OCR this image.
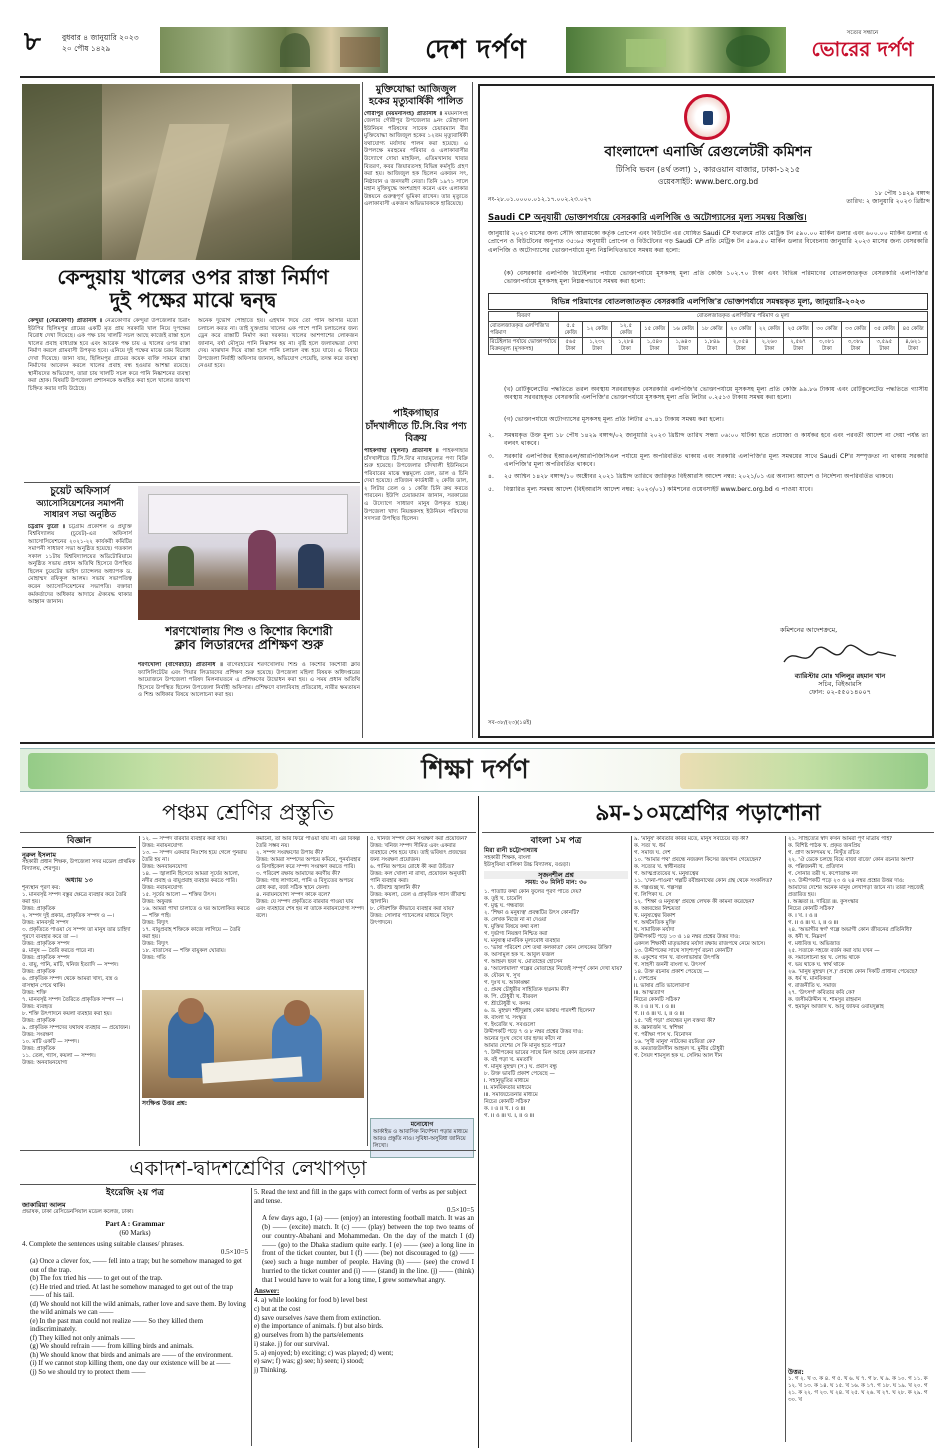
৮	বুধবার ৪ জানুয়ারি ২০২৩
২০ পৌষ ১৪২৯	দেশ দর্পণ
সত্যের সন্ধানে
ভোরের দর্পণ
মুক্তিযোদ্ধা আজিজুল হকের মৃত্যুবার্ষিকী পালিত
গৌরীপুর (ময়মনসিংহ) প্রতিনিধি ॥ ময়মনসিংহ জেলার গৌরীপুর উপজেলার ৯নং ডৌহাখলা ইউনিয়ন পরিষদের সাবেক চেয়ারম্যান বীর মুক্তিযোদ্ধা আজিজুল হকের ১২তম মৃত্যুবার্ষিকী যথাযোগ্য মর্যাদায় পালন করা হয়েছে। এ উপলক্ষে মরহুমের পরিবার ও এলাকাবাসীর উদ্যোগে দোয়া মাহফিল, এতিমখানায় খাবার বিতরণ, কবর জিয়ারতসহ বিভিন্ন কর্মসূচি গ্রহণ করা হয়। আজিজুল হক ছিলেন একজন সৎ, নিষ্ঠাবান ও জনদরদী নেতা। তিনি ১৯৭১ সালে মহান মুক্তিযুদ্ধে অংশগ্রহণ করেন এবং এলাকার উন্নয়নে গুরুত্বপূর্ণ ভূমিকা রাখেন। তার মৃত্যুতে এলাকাবাসী একজন অভিভাবককে হারিয়েছে।
কেন্দুয়ায় খালের ওপর রাস্তা নির্মাণ
দুই পক্ষের মাঝে দ্বন্দ্ব
কেন্দুয়া (নেত্রকোণা) প্রতিনিধি ॥ নেত্রকোণার কেন্দুয়া উপজেলার চিরাং ইউপির ছিলিমপুর গ্রামের একটি মৃত প্রায় সরকারি খাল নিয়ে দুপক্ষের বিরোধ দেখা দিয়েছে। এক পক্ষ চায় খালটি সচল আছে কাজেই রাস্তা হলে খালের প্রবাহ বাধাগ্রস্ত হবে এবং আরেক পক্ষ চায় এ খালের ওপর রাস্তা নির্মাণ করলে গ্রামবাসী উপকৃত হবে। এনিয়ে দুই পক্ষের মাঝে চরম বিরোধ দেখা দিয়েছে। জানা যায়, ছিলিমপুর গ্রামের কয়েক ব্যক্তি সামনে রাস্তা নির্মাণের আবেদন করলে খালের প্রবাহ বন্ধ হওয়ার আশঙ্কা রয়েছে। স্থানীয়দের অভিযোগ, তারা চায় খালটি সচল করে পানি নিষ্কাশনের ব্যবস্থা করা হোক। বিষয়টি উপজেলা প্রশাসনকে অবহিত করা হলে খালের জায়গা চিহ্নিত করার দাবি উঠেছে।
অনেক দুর্ভোগ পোহাতে হয়। এইখান দিয়ে তো পানি আসার মতো চলাচল করত না। তাই যুক্তপ্রায় খালের এক পাশে পানি চলাচলের জন্য ড্রেন করে রাস্তাটি নির্মাণ করা দরকার। খালের আশপাশের লোকজন জানান, বর্ষা মৌসুমে পানি নিষ্কাশন হয় না। বৃষ্টি হলে জলাবদ্ধতা দেখা দেয়। মাঝখান দিয়ে রাস্তা হলে পানি চলাচল বন্ধ হয়ে যাবে। এ বিষয়ে উপজেলা নির্বাহী অফিসার জানান, অভিযোগ পেয়েছি, তদন্ত করে ব্যবস্থা নেওয়া হবে।
চুয়েট অফিসার্স
অ্যাসোসিয়েশনের সমাপনী সাধারণ সভা অনুষ্ঠিত
চট্টগ্রাম ব্যুরো ॥ চট্টগ্রাম প্রকৌশল ও প্রযুক্তি বিশ্ববিদ্যালয় (চুয়েট)-এর অফিসার্স অ্যাসোসিয়েশনের ২০২১-২২ কার্যকরী কমিটির সমাপনী সাধারণ সভা অনুষ্ঠিত হয়েছে। গতকাল সকাল ১১টায় বিশ্ববিদ্যালয়ের অডিটোরিয়ামে অনুষ্ঠিত সভায় প্রধান অতিথি হিসেবে উপস্থিত ছিলেন চুয়েটের ভাইস চ্যান্সেলর অধ্যাপক ড. মোহাম্মদ রফিকুল আলম। সভায় সভাপতিত্ব করেন অ্যাসোসিয়েশনের সভাপতি। বক্তারা কর্মকর্তাদের অধিকার আদায়ে ঐক্যবদ্ধ থাকার আহ্বান জানান।
শরণখোলায় শিশু ও কিশোর কিশোরী
ক্লাব লিডারদের প্রশিক্ষণ শুরু
শরণখোলা (বাগেরহাট) প্রতিনিধি ॥ বাগেরহাটের শরণখোলায় শিশু ও কিশোর কিশোরী ক্লাব ফ্যাসিলিটেটর এবং পিয়ার লিডারদের প্রশিক্ষণ শুরু হয়েছে। উপজেলা মহিলা বিষয়ক অধিদপ্তরের আয়োজনে উপজেলা পরিষদ মিলনায়তনে এ প্রশিক্ষণের উদ্বোধন করা হয়। এ সময় প্রধান অতিথি হিসেবে উপস্থিত ছিলেন উপজেলা নির্বাহী অফিসার। প্রশিক্ষণে বাল্যবিবাহ প্রতিরোধ, নারীর ক্ষমতায়ন ও শিশু অধিকার বিষয়ে আলোচনা করা হয়।
পাইকগাছার
চাঁদখালীতে টি.সি.বির পণ্য বিক্রয়
পাইকগাছা (খুলনা) প্রতিনিধি ॥ পাইকগাছার চাঁদখালীতে টি.সি.বি'র ন্যায্যমূল্যের পণ্য বিক্রি শুরু হয়েছে। উপজেলার চাঁদখালী ইউনিয়নে পরিবারের মাঝে স্বল্পমূল্যে তেল, ডাল ও চিনি দেয়া হয়েছে। প্রতিজন কার্ডধারী ২ কেজি ডাল, ২ লিটার তেল ও ১ কেজি চিনি ক্রয় করতে পারবেন। ইউপি চেয়ারম্যান জানান, সরকারের এ উদ্যোগে সাধারণ মানুষ উপকৃত হচ্ছে। উপজেলা খাদ্য নিয়ন্ত্রকসহ ইউনিয়ন পরিষদের সদস্যরা উপস্থিত ছিলেন।
বাংলাদেশ এনার্জি রেগুলেটরী কমিশন
টিসিবি ভবন (৪র্থ তলা) ১, কারওয়ান বাজার, ঢাকা-১২১৫
ওয়েবসাইট: www.berc.org.bd
নং-২৮.০১.০০০০.০১২.১৭.০০২.২৩.০২৭
১৮ পৌষ ১৪২৯ বঙ্গাব্দ
তারিখ: ২ জানুয়ারি ২০২৩ খ্রিষ্টাব্দ
Saudi CP অনুযায়ী ভোক্তাপর্যায়ে বেসরকারি এলপিজি ও অটোগ্যাসের মূল্য সমন্বয় বিজ্ঞপ্তি।
জানুয়ারি ২০২৩ মাসের জন্য সৌদি আরামকো কর্তৃক প্রোপেন এবং বিউটেন এর ঘোষিত Saudi CP যথাক্রমে প্রতি মেট্রিক টন ৫৯০.০০ মার্কিন ডলার এবং ৬০০.০০ মার্কিন ডলার এ প্রোপেন ও বিউটেনের অনুপাত ৩৫:৬৫ অনুযায়ী প্রোপেন ও বিউটেনের গড় Saudi CP প্রতি মেট্রিক টন ৫৯৬.৫০ মার্কিন ডলার বিবেচনায় জানুয়ারি ২০২৩ মাসের জন্য বেসরকারি এলপিজি ও অটোগ্যাসের ভোক্তাপর্যায়ে মূল্য নিম্নলিখিতভাবে সমন্বয় করা হলো:
(ক) বেসরকারি এলপিজি রিটেইলার পর্যায়ে ভোক্তাপর্যায়ে মূসকসহ মূল্য প্রতি কেজি ১০২.৭০ টাকা এবং বিভিন্ন পরিমাণের বোতলজাতকৃত বেসরকারি এলপিজি'র ভোক্তাপর্যায়ে মূসকসহ মূল্য নিম্নরূপভাবে সমন্বয় করা হলো:
বিভিন্ন পরিমাণের বোতলজাতকৃত বেসরকারি এলপিজি'র ভোক্তাপর্যায়ে সমন্বয়কৃত মূল্য, জানুয়ারি-২০২৩
বিবরণ	বোতলজাতকৃত এলপিজি'র পরিমাণ ও মূল্য												
বোতলজাতকৃত এলপিজি'র পরিমাণ	৫.৫ কেজি	১২ কেজি	১২.৫ কেজি	১৫ কেজি	১৬ কেজি	১৮ কেজি	২০ কেজি	২২ কেজি	২৫ কেজি	৩০ কেজি	৩৩ কেজি	৩৫ কেজি	৪৫ কেজি
রিটেইলার পর্যায়ে ভোক্তাপর্যায়ে বিক্রয়মূল্য (মূসকসহ)	৫৬৫ টাকা	১,২৩২ টাকা	১,২৮৪ টাকা	১,৫৪০ টাকা	১,৬৪৩ টাকা	১,৮৪৯ টাকা	২,০৫৪ টাকা	২,২৬০ টাকা	২,৫৬৭ টাকা	৩,০৮১ টাকা	৩,৩৮৯ টাকা	৩,৫৯৫ টাকা	৪,৬২১ টাকা
(খ) রেটিকুলেটেড পদ্ধতিতে তরল অবস্থায় সরবরাহকৃত বেসরকারি এলপিজি'র ভোক্তাপর্যায়ে মূসকসহ মূল্য প্রতি কেজি ৯৯.৮৬ টাকায় এবং রেটিকুলেটেড পদ্ধতিতে গ্যাসীয় অবস্থায় সরবরাহকৃত বেসরকারি এলপিজি'র ভোক্তাপর্যায়ে মূসকসহ মূল্য প্রতি লিটার ০.২৫১৩ টাকায় সমন্বয় করা হলো।
(গ) ভোক্তাপর্যায়ে অটোগ্যাসের মূসকসহ মূল্য প্রতি লিটার ৫৭.৪১ টাকায় সমন্বয় করা হলো।
২.	সমন্বয়কৃত উক্ত মূল্য ১৮ পৌষ ১৪২৯ বঙ্গাব্দ/০২ জানুয়ারি ২০২৩ খ্রিষ্টাব্দ তারিখ সন্ধ্যা ০৬:০০ ঘটিকা হতে প্রযোজ্য ও কার্যকর হবে এবং পরবর্তী আদেশ না দেয়া পর্যন্ত তা বলবৎ থাকবে।
৩.	সরকারি এলপিজির ইআরএল/আরপিজিসিএল পর্যায়ে মূল্য অপরিবর্তিত থাকায় এবং সরকারি এলপিজি'র মূল্য সমন্বয়ের সাথে Saudi CP'র সম্পৃক্ততা না থাকায় সরকারি এলপিজি'র মূল্য অপরিবর্তিত থাকবে।
৪.	২৫ আশ্বিন ১৪২৮ বঙ্গাব্দ/১০ অক্টোবর ২০২১ খ্রিষ্টাব্দ তারিখে জারিকৃত বিইআরসি আদেশ নম্বর: ২০২১/০১ এর অন্যান্য আদেশ ও নির্দেশনা অপরিবর্তিত থাকবে।
৫.	বিস্তারিত মূল্য সমন্বয় আদেশ (বিইআরসি আদেশ নম্বর: ২০২৩/০১) কমিশনের ওয়েবসাইট www.berc.org.bd এ পাওয়া যাবে।
কমিশনের আদেশক্রমে,
ব্যারিস্টার মোঃ খলিলুর রহমান খান
সচিব, বিইআরসি
ফোন: ০২-৫৫০১৪০০৭
সব-৩৮/(২৩)(১৪ই)
শিক্ষা দর্পণ
পঞ্চম শ্রেণির প্রস্তুতি
বিজ্ঞান
নুরুল ইসলাম
সহকারী প্রধান শিক্ষক, উপজেলা সদর মডেল প্রাথমিক বিদ্যালয়, শেরপুর।
অধ্যায় ১৩
শূন্যস্থান পূরণ কর:
১. মানবসৃষ্ট সম্পদ বস্তুর ক্ষেত্রে ব্যবহার করে তৈরি করা হয়।
উত্তর: প্রাকৃতিক
২. সম্পদ দুই প্রকার, প্রাকৃতিক সম্পদ ও —।
উত্তর: মানবসৃষ্ট সম্পদ
৩. প্রকৃতিতে পাওয়া যে সম্পদ তা মানুষ তার চাহিদা পূরণে ব্যবহার করে তা —।
উত্তর: প্রাকৃতিক সম্পদ
৪. মানুষ — তৈরি করতে পারে না।
উত্তর: প্রাকৃতিক সম্পদ
৫. বায়ু, পানি, মাটি, খনিজ ইত্যাদি — সম্পদ।
উত্তর: প্রাকৃতিক
৬. প্রাকৃতিক সম্পদ থেকে আমরা খাদ্য, বস্ত্র ও বাসস্থান পেয়ে থাকি।
উত্তর: শক্তি
৭. মানবসৃষ্ট সম্পদ তৈরিতে প্রাকৃতিক সম্পদ —।
উত্তর: ব্যবহৃত
৮. শক্তি উৎপাদনে কয়লা ব্যবহার করা হয়।
উত্তর: প্রাকৃতিক
৯. প্রাকৃতিক সম্পদের যথাযথ ব্যবহার — প্রয়োজন।
উত্তর: সংরক্ষণ
১০. মাটি একটি — সম্পদ।
উত্তর: প্রাকৃতিক
১১. তেল, গ্যাস, কয়লা — সম্পদ।
উত্তর: অনবায়নযোগ্য
১২. — সম্পদ বারবার ব্যবহার করা যায়।
উত্তর: নবায়নযোগ্য
১৩. — সম্পদ একবার নিঃশেষ হয়ে গেলে পুনরায় তৈরি হয় না।
উত্তর: অনবায়নযোগ্য
১৪. — জ্বালানি হিসেবে আমরা সূর্যের আলো, নদীর প্রবাহ ও বায়ুপ্রবাহ ব্যবহার করতে পারি।
উত্তর: নবায়নযোগ্য
১৫. সূর্যের আলো — শক্তির উৎস।
উত্তর: অফুরন্ত
১৬. আমরা পাখা চালাতে ও ঘর আলোকিত করতে — শক্তি পাই।
উত্তর: বিদ্যুৎ
১৭. বায়ুপ্রবাহ শক্তিকে কাজে লাগিয়ে — তৈরি করা হয়।
উত্তর: বিদ্যুৎ
১৮. বাতাসের — শক্তি বায়ুকল ঘোরায়।
উত্তর: গতি
কমানো, তা আর ফিরে পাওয়া যায় না। এর বিকল্প তৈরি সম্ভব নয়।
২. সম্পদ সংরক্ষণের উপায় কী?
উত্তর: আমরা সম্পদের অপচয় কমিয়ে, পুনর্ব্যবহার ও রিসাইকেল করে সম্পদ সংরক্ষণ করতে পারি।
৩. পরিবেশ রক্ষায় আমাদের করণীয় কী?
উত্তর: গাছ লাগানো, পানি ও বিদ্যুতের অপচয় রোধ করা, বর্জ্য সঠিক স্থানে ফেলা।
৪. নবায়নযোগ্য সম্পদ কাকে বলে?
উত্তর: যে সম্পদ প্রকৃতিতে বারবার পাওয়া যায় এবং ব্যবহারে শেষ হয় না তাকে নবায়নযোগ্য সম্পদ বলে।
৫. খনিজ সম্পদ কেন সংরক্ষণ করা প্রয়োজন?
উত্তর: খনিজ সম্পদ সীমিত এবং একবার ব্যবহারে শেষ হয়ে যায়। তাই ভবিষ্যৎ প্রজন্মের জন্য সংরক্ষণ প্রয়োজন।
৬. পানির অপচয় রোধে কী করা উচিত?
উত্তর: কল খোলা না রাখা, প্রয়োজন অনুযায়ী পানি ব্যবহার করা।
৭. জীবাশ্ম জ্বালানি কী?
উত্তর: কয়লা, তেল ও প্রাকৃতিক গ্যাস জীবাশ্ম জ্বালানি।
৮. সৌরশক্তি কীভাবে ব্যবহার করা যায়?
উত্তর: সোলার প্যানেলের মাধ্যমে বিদ্যুৎ উৎপাদনে।
সংক্ষিপ্ত উত্তর প্রশ্ন:
মনোযোগ
আর্কাইভ ও আবাসিক নির্দেশনা পড়ার মাধ্যমে আরও প্রস্তুতি নাও। সুবিধা-অসুবিধা জানিয়ে লিখো।
একাদশ-দ্বাদশশ্রেণির লেখাপড়া
ইংরেজি ২য় পত্র
জাকারিয়া আলম
প্রভাষক, ঢাকা রেসিডেনসিয়াল মডেল কলেজ, ঢাকা।
Part A : Grammar
(60 Marks)
4. Complete the sentences using suitable clauses/ phrases.
0.5×10=5
(a) Once a clever fox, —— fell into a trap; but he somehow managed to get out of the trap.
(b) The fox tried his —— to get out of the trap.
(c) He tried and tried. At last he somehow managed to get out of the trap —— of his tail.
(d) We should not kill the wild animals, rather love and save them. By loving the wild animals we can ——
(e) In the past man could not realize —— So they killed them indiscriminately.
(f) They killed not only animals ——
(g) We should refrain —— from killing birds and animals.
(h) We should know that birds and animals are —— of the environment.
(i) If we cannot stop killing them, one day our existence will be at ——
(j) So we should try to protect them ——
5. Read the text and fill in the gaps with correct form of verbs as per subject and tense.
0.5×10=5
A few days ago, I (a) —— (enjoy) an interesting football match. It was an (b) —— (excite) match. It (c) —— (play) between the top two teams of our country-Abahani and Mohammedan. On the day of the match I (d) —— (go) to the Dhaka stadium quite early. I (e) —— (see) a long line in front of the ticket counter, but I (f) —— (be) not discouraged to (g) —— (see) such a huge number of people. Having (h) —— (see) the crowd I hurried to the ticket counter and (i) —— (stand) in the line. (j) —— (think) that I would have to wait for a long time, I grew somewhat angry.
Answer:
4. a) while looking for food b) level best
c) but at the cost
d) save ourselves /save them from extinction.
e) the importance of animals. f) but also birds.
g) ourselves from h) the parts/elements
i) stake. j) for our survival.
5. a) enjoyed; b) exciting; c) was played; d) went;
e) saw; f) was; g) see; h) seen; i) stood;
j) Thinking.
৯ম-১০মশ্রেণির পড়াশোনা
বাংলা ১ম পত্র
মিরা রানী চট্টোপাধ্যায়
সহকারী শিক্ষক, বাংলা
ইউসুফিয়া বালিকা উচ্চ বিদ্যালয়, বগুড়া।
সৃজনশীল প্রশ্ন
সময়: ৩০ মিনিট মান: ৩০
১. পাতাটি কথা কোন ফুলের পূরণ পাতে দেয়?
ক. তুই খ. চামেলি
গ. মুগ্ধ ঘ. গন্ধরাজ
২. 'শিক্ষা ও মনুষ্যত্ব' প্রবন্ধটির উৎস কোনটি?
ক. লেখক নিজে না না দেওয়া
খ. মুক্তির বিষয়ে কথা বলা
গ. দুর্ভাগ্য নিয়ন্ত্রণ নিশ্চিত করা
ঘ. মনুষ্যত্ব মানবিক মূল্যবোধ ব্যবহার
৩. 'ভাষা পরিবেশ দেশ তথা কলকাতা' কোন লেখকের উক্তি?
ক. আসামুল হক খ. আবুল ফজল
গ. আহমদ ছফা ঘ. মোতাহের হোসেন
৪. 'আলোয়ালা' গল্পের মোতাহের নিজেই সম্পূর্ণ কোন দেখা যায়?
ক. যৌবন খ. সুখ
গ. দুঃখ ঘ. আকাঙ্ক্ষা
৫. প্রমথ চৌধুরীর সাহিত্যিক ছদ্মনাম কী?
ক. পি. চৌধুরী খ. বীরবল
গ. শ্রীচৌধুরী ঘ. কলম
৬. ড. মুহম্মদ শহীদুল্লাহ কোন ভাষায় পারদর্শী ছিলেন?
ক. বাংলা খ. সংস্কৃত
গ. ইংরেজি ঘ. সবগুলো
উদ্দীপকটি পড়ে ৭ ও ৮ নম্বর প্রশ্নের উত্তর দাও:
অন্যের দুঃখ দেখে যার হৃদয় কাঁদে না
আমার দেশের সে কি মানুষ হতে পারে?
৭. উদ্দীপকের ভাবের সাথে মিল আছে কোন রচনার?
ক. বই পড়া খ. মমতাদি
গ. মানুষ মুহম্মদ (স.) ঘ. প্রবাস বন্ধু
৮. উক্ত ভাবটি প্রকাশ পেয়েছে —
i. সহানুভূতির মাধ্যমে
ii. মানবিকতার মাধ্যমে
iii. সমাজচেতনার মাধ্যমে
নিচের কোনটি সঠিক?
ক. i ও ii খ. i ও iii
গ. ii ও iii ঘ. i, ii ও iii
৯. 'মানুষ' কবিতার কবির মতে, মানুষ সবচেয়ে বড় কী?
ক. সত্য খ. ধর্ম
গ. সমাজ ঘ. দেশ
১০. 'আমার পথ' প্রবন্ধে নজরুল কিসের জয়গান গেয়েছেন?
ক. সত্যের খ. স্বাধীনতার
গ. আত্মপ্রত্যয়ের ঘ. মনুষ্যত্বের
১১. 'দেনা-পাওনা' গল্পটি রবীন্দ্রনাথের কোন গ্রন্থ থেকে সংকলিত?
ক. গল্পগুচ্ছ খ. গল্পসল্প
গ. লিপিকা ঘ. সে
১২. 'শিক্ষা ও মনুষ্যত্ব' প্রবন্ধে লেখক কী কামনা করেছেন?
ক. অন্নবস্ত্রের নিশ্চয়তা
খ. মনুষ্যত্বের বিকাশ
গ. অর্থনৈতিক মুক্তি
ঘ. সামাজিক মর্যাদা
উদ্দীপকটি পড়ে ১৩ ও ১৪ নম্বর প্রশ্নের উত্তর দাও:
একদল শিক্ষার্থী মাতৃভাষার মর্যাদা রক্ষায় রাজপথে নেমে আসে।
১৩. উদ্দীপকের সাথে সাদৃশ্যপূর্ণ রচনা কোনটি?
ক. একুশের গান খ. বাংলাভাষার উৎপত্তি
গ. সাহসী জননী বাংলা ঘ. উৎসর্গ
১৪. উক্ত রচনায় প্রকাশ পেয়েছে —
i. দেশপ্রেম
ii. ভাষার প্রতি ভালোবাসা
iii. আত্মত্যাগ
নিচের কোনটি সঠিক?
ক. i ও ii খ. i ও iii
গ. ii ও iii ঘ. i, ii ও iii
১৫. 'বই পড়া' প্রবন্ধের মূল বক্তব্য কী?
ক. জ্ঞানার্জন খ. স্বশিক্ষা
গ. পরীক্ষা পাস ঘ. বিনোদন
১৬. 'সুখী মানুষ' নাটকের রচয়িতা কে?
ক. মমতাজউদদীন আহমদ খ. মুনীর চৌধুরী
গ. সৈয়দ শামসুল হক ঘ. সেলিম আল দীন
২১. সাহিত্যের স্বাদ কখন আমরা পূর্ণ মাত্রায় পাই?
ক. বিশিষ্ট পাঠক খ. প্রকৃত জনপ্রিয়
গ. প্রাণ আনন্দময় ঘ. নিখুঁত রচিত
২২. 'ঐ ডেকে চলছে বিয়ে বাজা বাজে' কোন রচনার অংশ?
ক. পল্লিজননী খ. প্রতিদান
গ. সোনার তরী ঘ. কপোতাক্ষ নদ
২৩. উদ্দীপকটি পড়ে ২৩ ও ২৪ নম্বর প্রশ্নের উত্তর দাও:
আমাদের দেশের অনেক মানুষ লেখাপড়া জানে না। তারা সহজেই প্রতারিত হয়।
i. অজ্ঞতা ii. দারিদ্র্য iii. কুসংস্কার
নিচের কোনটি সঠিক?
ক. i খ. i ও ii
গ. ii ও iii ঘ. i, ii ও iii
২৪. 'অভাগীর স্বর্গ' গল্পে অভাগী কোন জীবনের প্রতিনিধি?
ক. ধনী খ. নিম্নবর্গ
গ. মধ্যবিত্ত ঘ. অভিজাত
২৫. সত্যকে সহজে বর্জন করা যায় যখন —
ক. সমালোচনা হয় খ. লোভ থাকে
গ. ভয় থাকে ঘ. স্বার্থ থাকে
২৬. 'মানুষ মুহম্মদ (স.)' প্রবন্ধে কোন দিকটি প্রাধান্য পেয়েছে?
ক. ধর্ম খ. মানবিকতা
গ. রাজনীতি ঘ. সমাজ
২৭. 'উৎসর্গ' কবিতার কবি কে?
ক. জসীমউদ্দীন খ. শামসুর রাহমান
গ. হুমায়ুন আজাদ ঘ. আবু জাফর ওবায়দুল্লাহ
উত্তর:
১. গ ২. খ ৩. ক ৪. গ ৫. খ ৬. ঘ ৭. গ ৮. ঘ ৯. ক ১০. গ ১১. ক ১২. খ ১৩. ক ১৪. ঘ ১৫. খ ১৬. ক ১৭. গ ১৮. ঘ ১৯. খ ২০. গ ২১. ক ২২. গ ২৩. ঘ ২৪. খ ২৫. ঘ ২৬. খ ২৭. ঘ ২৮. ক ২৯. গ ৩০. খ
